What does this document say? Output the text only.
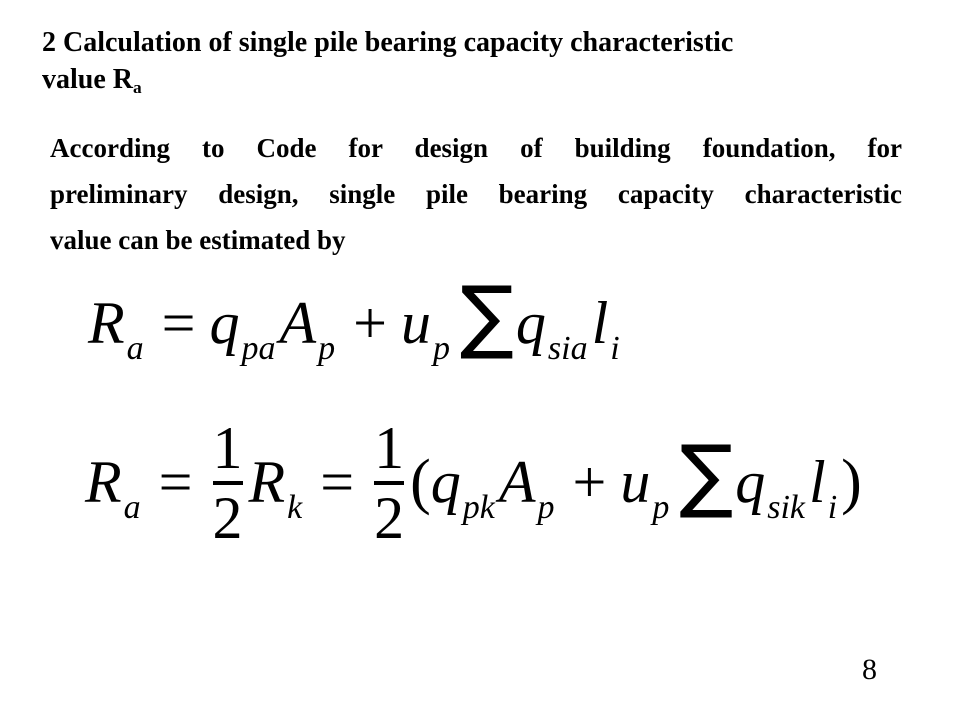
2 Calculation of single pile bearing capacity characteristic
value Ra
According to Code for design of building foundation, for
preliminary design, single pile bearing capacity characteristic
value can be estimated by
R a = q pa A p + u p ∑ q sia l i
R $a = \frac{1}{2}$ R $k = \frac{1}{2}$ ( q pk A p + u p ∑ q sik l i )
8
